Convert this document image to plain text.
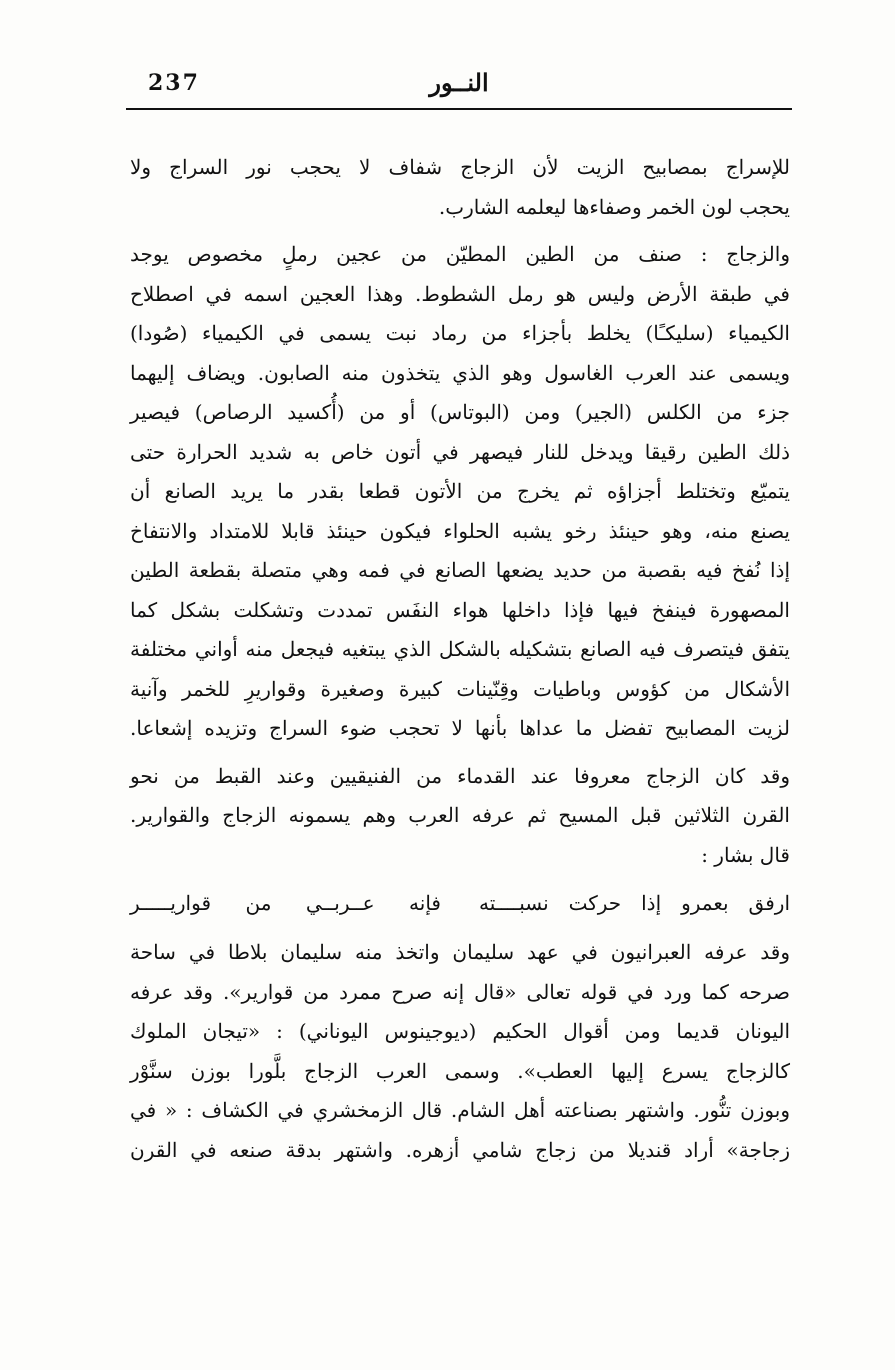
237	النــور
للإسراج بمصابيح الزيت لأن الزجاج شفاف لا يحجب نور السراج ولا
يحجب لون الخمر وصفاءها ليعلمه الشارب.
والزجاج : صنف من الطين المطيّن من عجين رملٍ مخصوص يوجد
في طبقة الأرض وليس هو رمل الشطوط. وهذا العجين اسمه في اصطلاح
الكيمياء (سليكـًا) يخلط بأجزاء من رماد نبت يسمى في الكيمياء (صُودا)
ويسمى عند العرب الغاسول وهو الذي يتخذون منه الصابون. ويضاف إليهما
جزء من الكلس (الجير) ومن (البوتاس) أو من (أُكسيد الرصاص) فيصير
ذلك الطين رقيقا ويدخل للنار فيصهر في أتون خاص به شديد الحرارة حتى
يتميّع وتختلط أجزاؤه ثم يخرج من الأتون قطعا بقدر ما يريد الصانع أن
يصنع منه، وهو حينئذ رخو يشبه الحلواء فيكون حينئذ قابلا للامتداد والانتفاخ
إذا نُفخ فيه بقصبة من حديد يضعها الصانع في فمه وهي متصلة بقطعة الطين
المصهورة فينفخ فيها فإذا داخلها هواء النفَس تمددت وتشكلت بشكل كما
يتفق فيتصرف فيه الصانع بتشكيله بالشكل الذي يبتغيه فيجعل منه أواني مختلفة
الأشكال من كؤوس وباطيات وقِنّينات كبيرة وصغيرة وقواريرِ للخمر وآنية
لزيت المصابيح تفضل ما عداها بأنها لا تحجب ضوء السراج وتزيده إشعاعا.
وقد كان الزجاج معروفا عند القدماء من الفنيقيين وعند القبط من نحو
القرن الثلاثين قبل المسيح ثم عرفه العرب وهم يسمونه الزجاج والقوارير.
قال بشار :
ارفق بعمرو إذا حركت نسبــــته
فإنه عــربــي من قواريـــــر
وقد عرفه العبرانيون في عهد سليمان واتخذ منه سليمان بلاطا في ساحة
صرحه كما ورد في قوله تعالى «قال إنه صرح ممرد من قوارير». وقد عرفه
اليونان قديما ومن أقوال الحكيم (ديوجينوس اليوناني) : «تيجان الملوك
كالزجاج يسرع إليها العطب». وسمى العرب الزجاج بلَّورا بوزن سنَّوْر
وبوزن تنُّور. واشتهر بصناعته أهل الشام. قال الزمخشري في الكشاف : « في
زجاجة» أراد قنديلا من زجاج شامي أزهره. واشتهر بدقة صنعه في القرن
